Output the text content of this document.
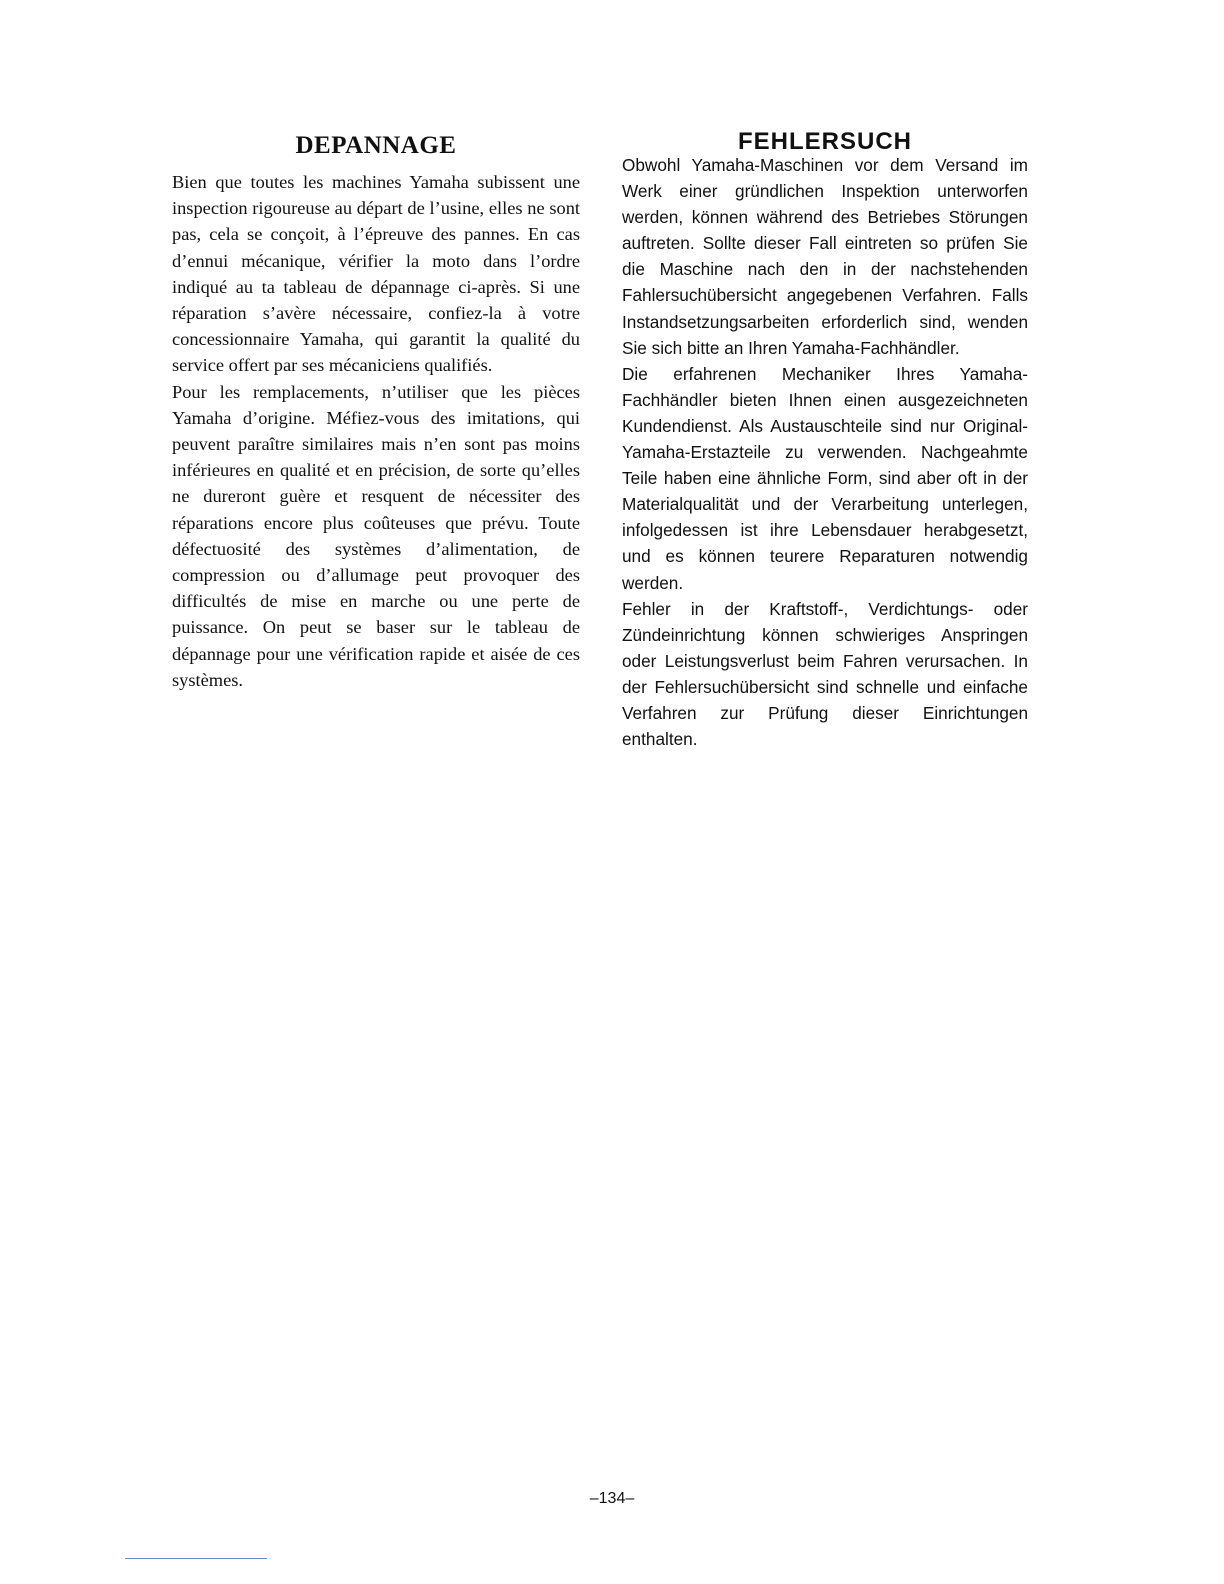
DEPANNAGE

Bien que toutes les machines Yamaha subissent une inspection rigoureuse au départ de l’usine, elles ne sont pas, cela se conçoit, à l’épreuve des pannes. En cas d’ennui mécanique, vérifier la moto dans l’ordre indiqué au ta tableau de dépannage ci-après. Si une réparation s’avère nécessaire, confiez-la à votre concessionnaire Yamaha, qui garantit la qualité du service offert par ses mécaniciens qualifiés.

Pour les remplacements, n’utiliser que les pièces Yamaha d’origine. Méfiez-vous des imitations, qui peuvent paraître similaires mais n’en sont pas moins inférieures en qualité et en précision, de sorte qu’elles ne dureront guère et resquent de nécessiter des réparations encore plus coûteuses que prévu. Toute défectuosité des systèmes d’alimentation, de compression ou d’allumage peut provoquer des difficultés de mise en marche ou une perte de puissance. On peut se baser sur le tableau de dépannage pour une vérification rapide et aisée de ces systèmes.

FEHLERSUCH

Obwohl Yamaha-Maschinen vor dem Versand im Werk einer gründlichen Inspektion unterworfen werden, können während des Betriebes Störungen auftreten. Sollte dieser Fall eintreten so prüfen Sie die Maschine nach den in der nachstehenden Fahlersuchübersicht angegebenen Verfahren. Falls Instandsetzungsarbeiten erforderlich sind, wenden Sie sich bitte an Ihren Yamaha-Fachhändler.

Die erfahrenen Mechaniker Ihres Yamaha-Fachhändler bieten Ihnen einen ausgezeichneten Kundendienst. Als Austauschteile sind nur Original-Yamaha-Erstazteile zu verwenden. Nachgeahmte Teile haben eine ähnliche Form, sind aber oft in der Materialqualität und der Verarbeitung unterlegen, infolgedessen ist ihre Lebensdauer herabgesetzt, und es können teurere Reparaturen notwendig werden.

Fehler in der Kraftstoff-, Verdichtungs- oder Zündeinrichtung können schwieriges Anspringen oder Leistungsverlust beim Fahren verursachen. In der Fehlersuchübersicht sind schnelle und einfache Verfahren zur Prüfung dieser Einrichtungen enthalten.

–134–
